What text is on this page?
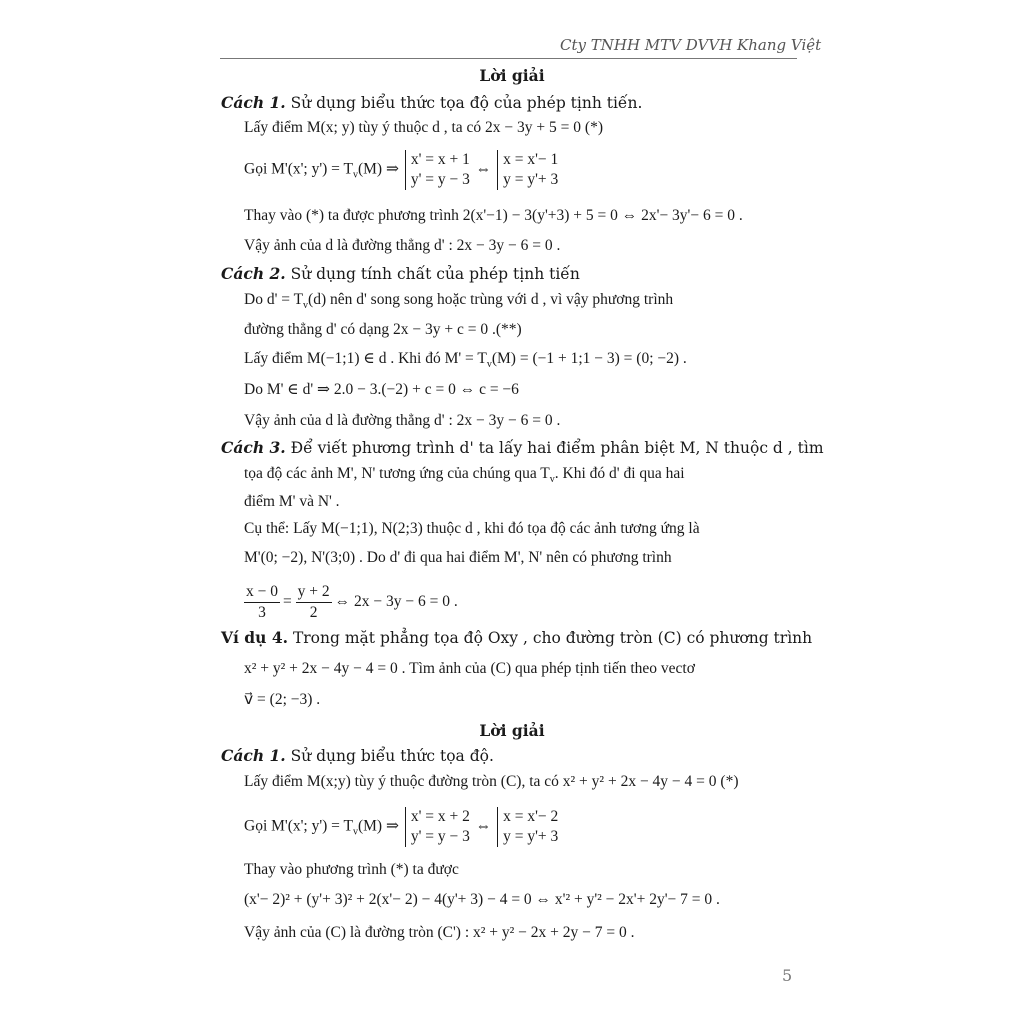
Cty TNHH MTV DVVH Khang Việt
Lời giải
Cách 1. Sử dụng biểu thức tọa độ của phép tịnh tiến.
Lấy điểm M(x; y) tùy ý thuộc d , ta có 2x − 3y + 5 = 0 (*)
Gọi M'(x'; $y') = T_v(M)$ ⇒ x' = x + 1
y' = y − 3 ⇔ x = x'− 1
y = y'+ 3
Thay vào (*) ta được phương trình 2(x'−1) − 3(y'+3) + 5 = 0 ⇔ 2x'− 3y'− 6 = 0 .
Vậy ảnh của d là đường thẳng d' : 2x − 3y − 6 = 0 .
Cách 2. Sử dụng tính chất của phép tịnh tiến
Do $d' = T_v(d)$ nên d' song song hoặc trùng với d , vì vậy phương trình
đường thẳng d' có dạng 2x − 3y + c = 0 .(**)
Lấy điểm M(−1;1) ∈ d . Khi đó $M' = T_v(M) = (-1$ + 1;1 − 3) = (0; −2) .
Do M' ∈ d' ⇒ 2.0 − 3.(−2) + c = 0 ⇔ c = −6
Vậy ảnh của d là đường thẳng d' : 2x − 3y − 6 = 0 .
Cách 3. Để viết phương trình d' ta lấy hai điểm phân biệt M, N thuộc d , tìm
tọa độ các ảnh M', N' tương ứng của chúng qua $T_v$. Khi đó d' đi qua hai
điểm M' và N' .
Cụ thể: Lấy M(−1;1), N(2;3) thuộc d , khi đó tọa độ các ảnh tương ứng là
M'(0; −2), N'(3;0) . Do d' đi qua hai điểm M', N' nên có phương trình
$\frac{x - 0}{3} = \frac{y + 2}{2}$ ⇔ 2x − 3y − 6 = 0 .
Ví dụ 4. Trong mặt phẳng tọa độ Oxy , cho đường tròn (C) có phương trình
x² + y² + 2x − 4y − 4 = 0 . Tìm ảnh của (C) qua phép tịnh tiến theo vectơ
v⃗ = (2; −3) .
Lời giải
Cách 1. Sử dụng biểu thức tọa độ.
Lấy điểm M(x;y) tùy ý thuộc đường tròn (C), ta có x² + y² + 2x − 4y − 4 = 0 (*)
Gọi M'(x'; $y') = T_v(M)$ ⇒ x' = x + 2
y' = y − 3 ⇔ x = x'− 2
y = y'+ 3
Thay vào phương trình (*) ta được
(x'− 2)² + (y'+ 3)² + 2(x'− 2) − 4(y'+ 3) − 4 = 0 ⇔ x'² + y'² − 2x'+ 2y'− 7 = 0 .
Vậy ảnh của (C) là đường tròn (C') : x² + y² − 2x + 2y − 7 = 0 .
5
